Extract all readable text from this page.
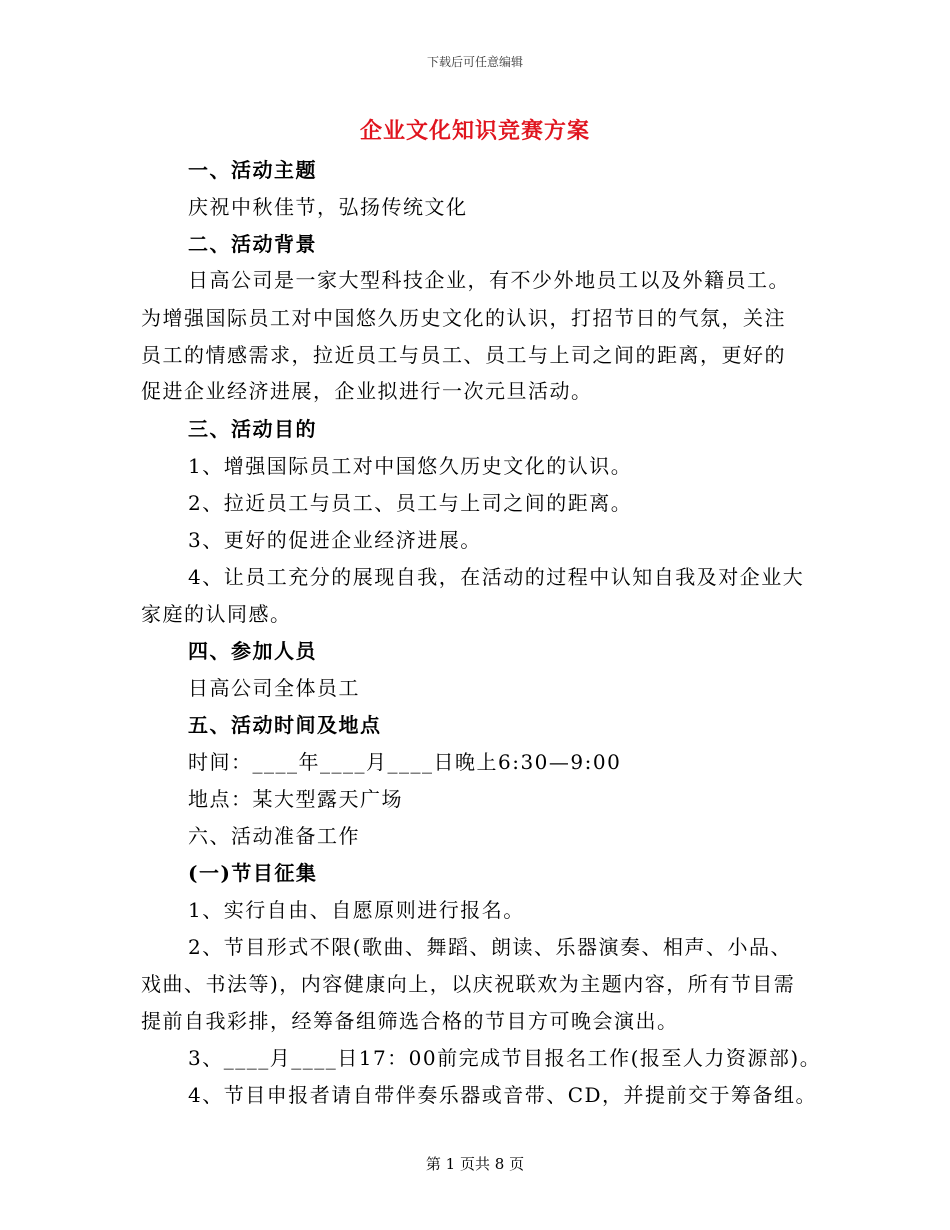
下载后可任意编辑
企业文化知识竞赛方案
一、活动主题
庆祝中秋佳节，弘扬传统文化
二、活动背景
日高公司是一家大型科技企业，有不少外地员工以及外籍员工。
为增强国际员工对中国悠久历史文化的认识，打招节日的气氛，关注
员工的情感需求，拉近员工与员工、员工与上司之间的距离，更好的
促进企业经济进展，企业拟进行一次元旦活动。
三、活动目的
1、增强国际员工对中国悠久历史文化的认识。
2、拉近员工与员工、员工与上司之间的距离。
3、更好的促进企业经济进展。
4、让员工充分的展现自我，在活动的过程中认知自我及对企业大
家庭的认同感。
四、参加人员
日高公司全体员工
五、活动时间及地点
时间：____年____月____日晚上6:30—9:00
地点：某大型露天广场
六、活动准备工作
(一)节目征集
1、实行自由、自愿原则进行报名。
2、节目形式不限(歌曲、舞蹈、朗读、乐器演奏、相声、小品、
戏曲、书法等)，内容健康向上，以庆祝联欢为主题内容，所有节目需
提前自我彩排，经筹备组筛选合格的节目方可晚会演出。
3、____月____日17：00前完成节目报名工作(报至人力资源部)。
4、节目申报者请自带伴奏乐器或音带、CD，并提前交于筹备组。
第 1 页共 8 页
